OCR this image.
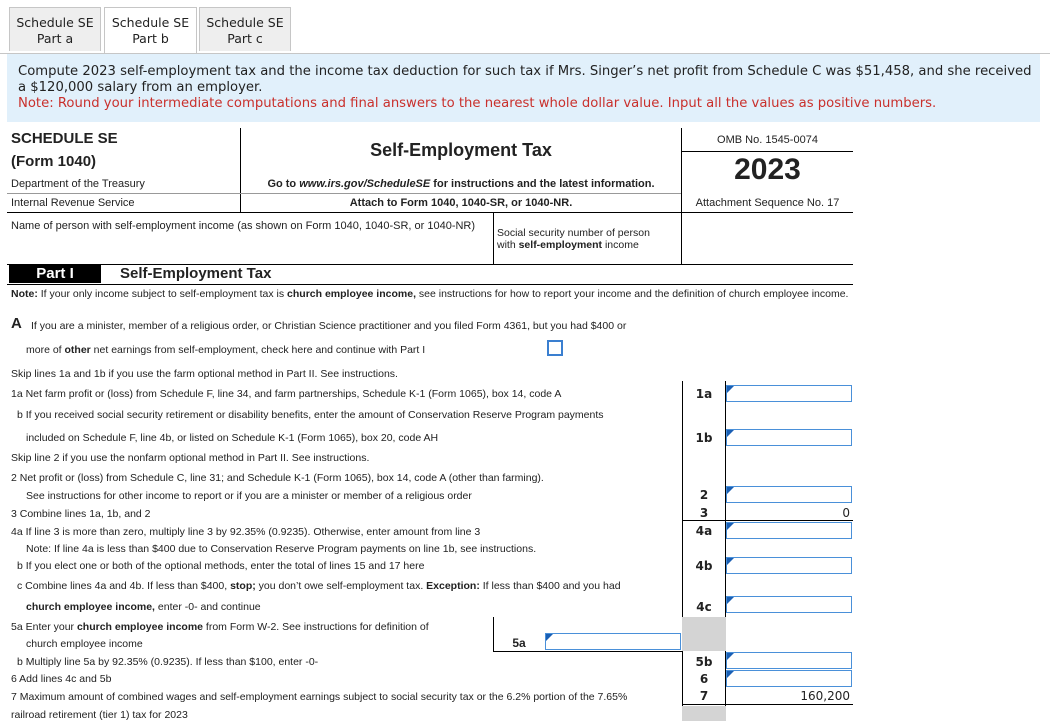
Schedule SE
Part a
Schedule SE
Part b
Schedule SE
Part c
Compute 2023 self-employment tax and the income tax deduction for such tax if Mrs. Singer’s net profit from Schedule C was $51,458, and she received a $120,000 salary from an employer.
Note: Round your intermediate computations and final answers to the nearest whole dollar value. Input all the values as positive numbers.
SCHEDULE SE
(Form 1040)
Department of the Treasury
Internal Revenue Service
Self-Employment Tax
Go to www.irs.gov/ScheduleSE for instructions and the latest information.
Attach to Form 1040, 1040-SR, or 1040-NR.
OMB No. 1545-0074
2023
Attachment Sequence No. 17
Name of person with self-employment income (as shown on Form 1040, 1040-SR, or 1040-NR)
Social security number of person
with self-employment income
Part I	Self-Employment Tax
Note: If your only income subject to self-employment tax is church employee income, see instructions for how to report your income and the definition of church employee income.
A If you are a minister, member of a religious order, or Christian Science practitioner and you filed Form 4361, but you had $400 or
more of other net earnings from self-employment, check here and continue with Part I
Skip lines 1a and 1b if you use the farm optional method in Part II. See instructions.
1a Net farm profit or (loss) from Schedule F, line 34, and farm partnerships, Schedule K-1 (Form 1065), box 14, code A	1a
b If you received social security retirement or disability benefits, enter the amount of Conservation Reserve Program payments
included on Schedule F, line 4b, or listed on Schedule K-1 (Form 1065), box 20, code AH	1b
Skip line 2 if you use the nonfarm optional method in Part II. See instructions.
2 Net profit or (loss) from Schedule C, line 31; and Schedule K-1 (Form 1065), box 14, code A (other than farming).
See instructions for other income to report or if you are a minister or member of a religious order	2
3 Combine lines 1a, 1b, and 2	3	0
4a If line 3 is more than zero, multiply line 3 by 92.35% (0.9235). Otherwise, enter amount from line 3
Note: If line 4a is less than $400 due to Conservation Reserve Program payments on line 1b, see instructions.
4a
b If you elect one or both of the optional methods, enter the total of lines 15 and 17 here	4b
c Combine lines 4a and 4b. If less than $400, stop; you don’t owe self-employment tax. Exception: If less than $400 and you had
church employee income, enter -0- and continue	4c
5a Enter your church employee income from Form W-2. See instructions for definition of
church employee income	5a
b Multiply line 5a by 92.35% (0.9235). If less than $100, enter -0-	5b
6 Add lines 4c and 5b	6
7 Maximum amount of combined wages and self-employment earnings subject to social security tax or the 6.2% portion of the 7.65%
railroad retirement (tier 1) tax for 2023
7	160,200
